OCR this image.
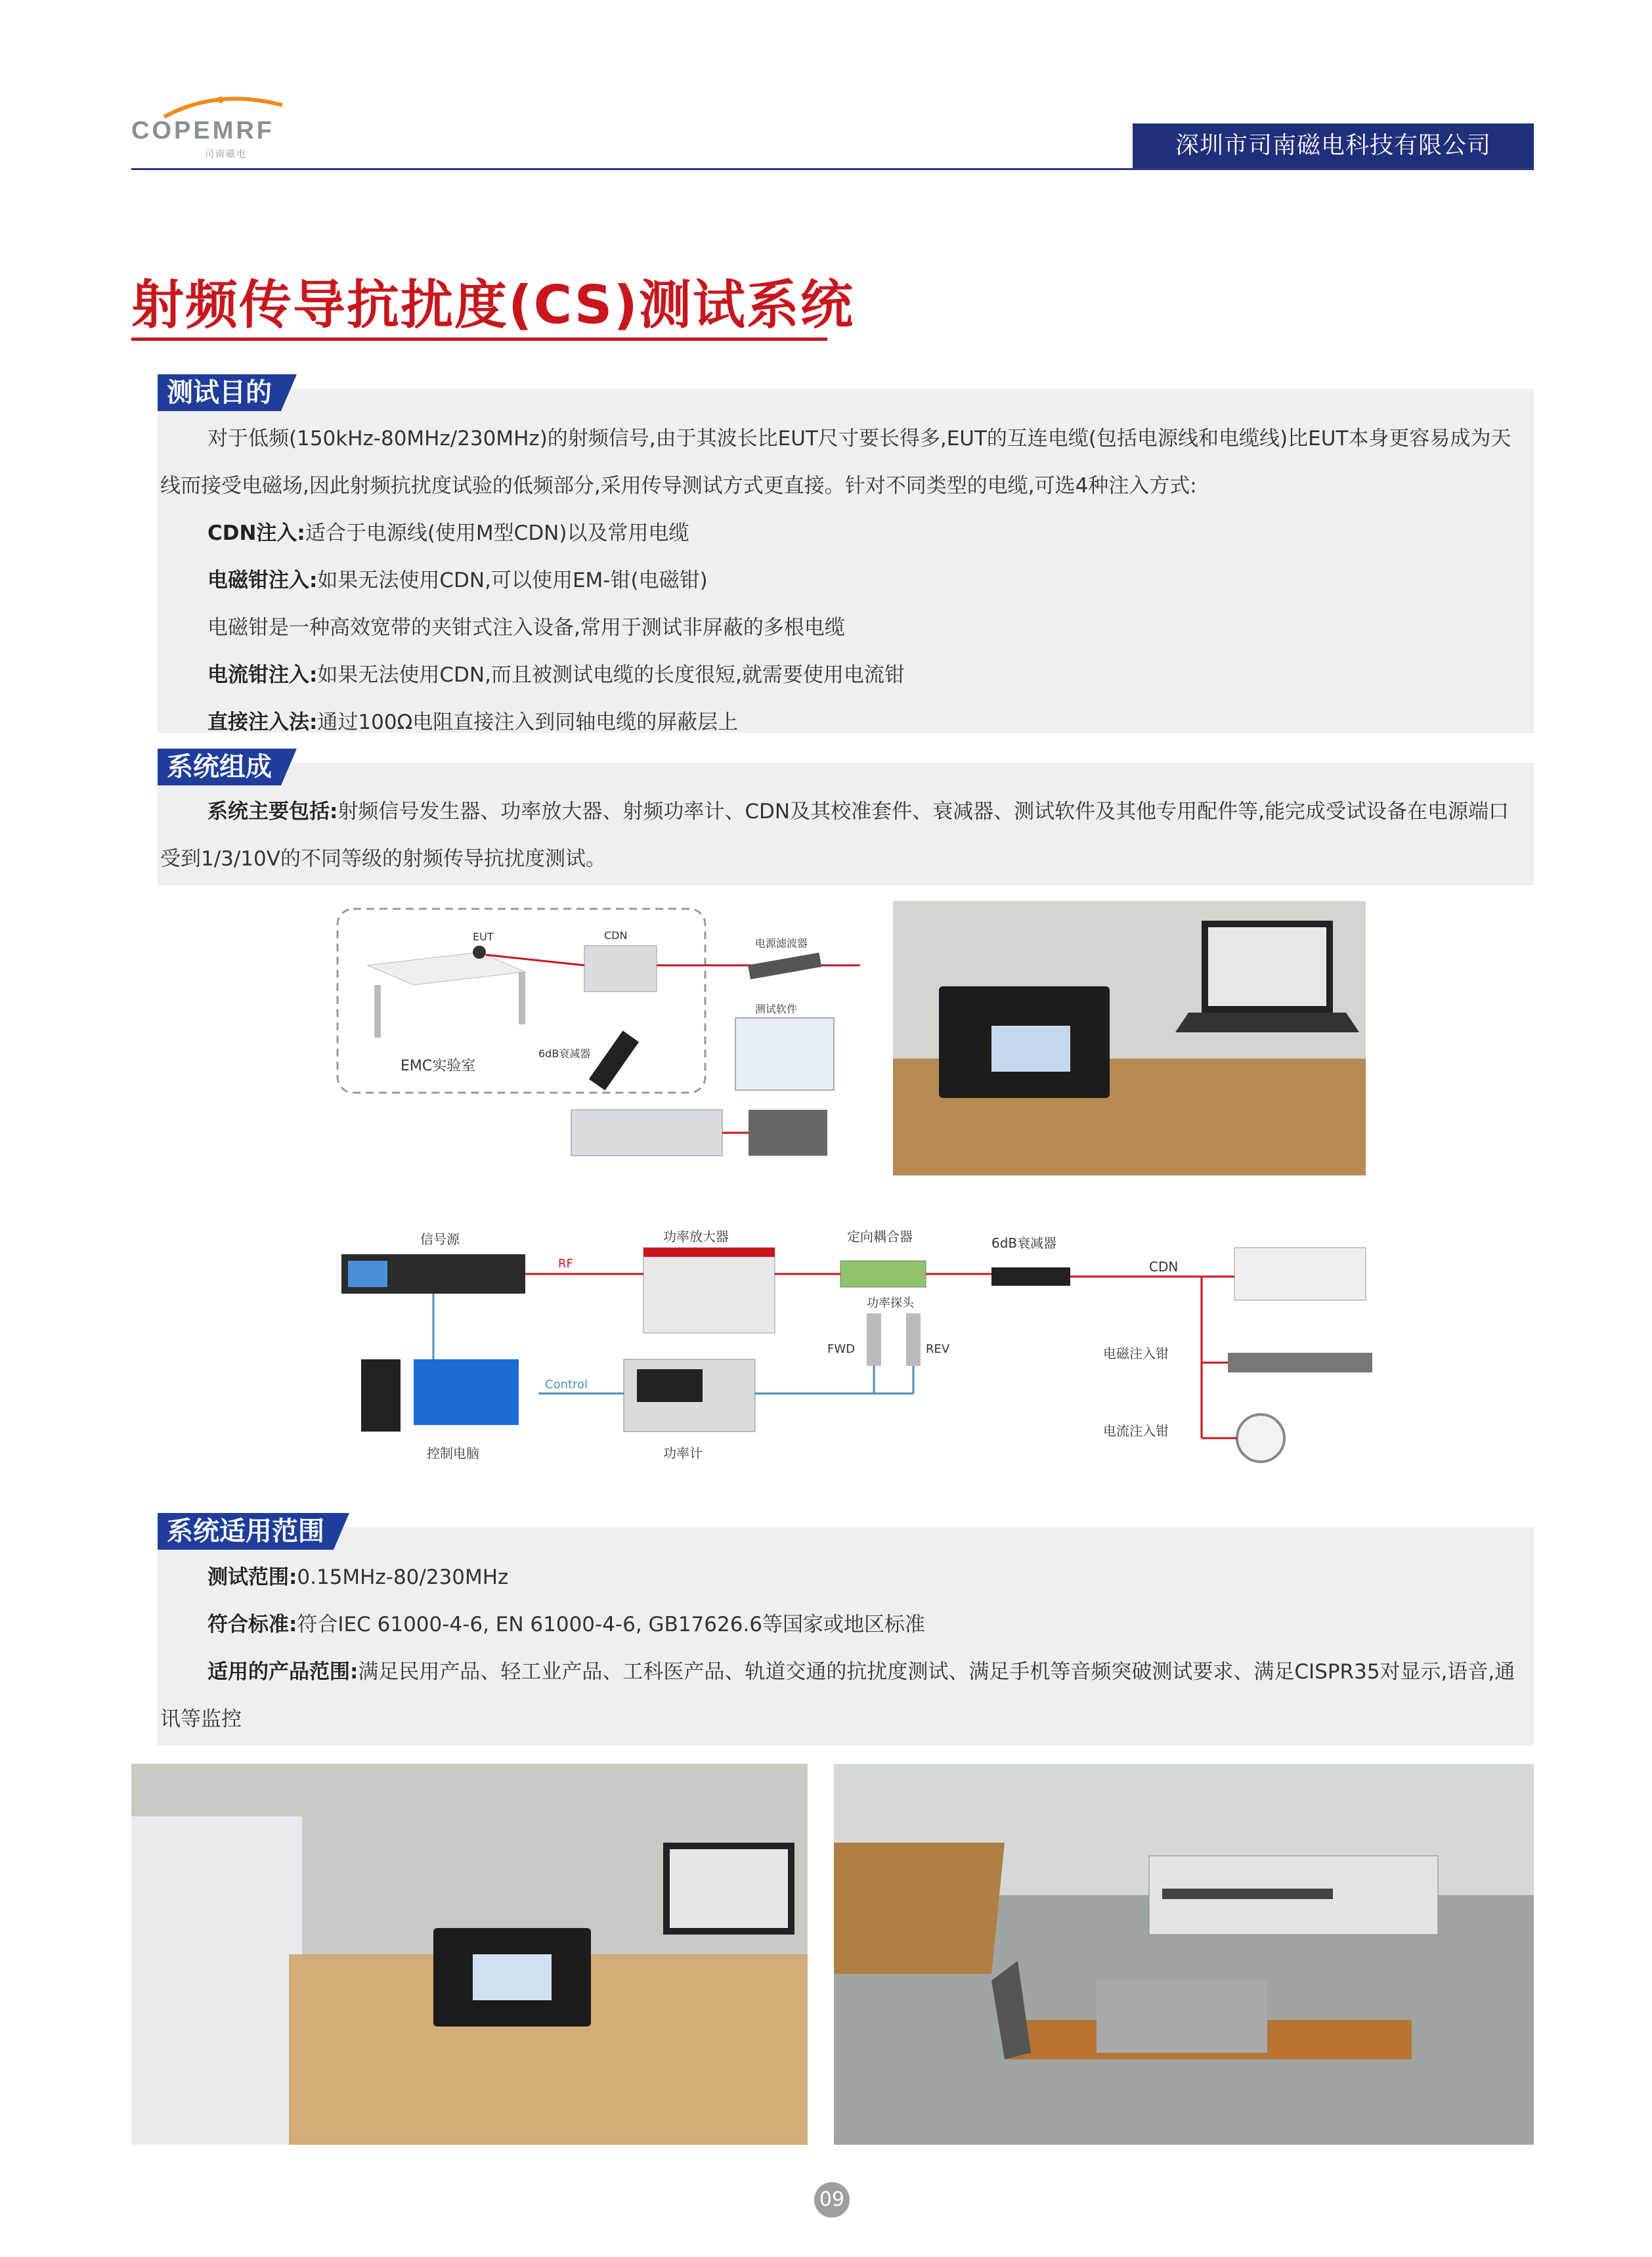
COPEMRF
司南磁电	深圳市司南磁电科技有限公司
射频传导抗扰度(CS)测试系统
测试目的
对于低频(150kHz-80MHz/230MHz)的射频信号,由于其波长比EUT尺寸要长得多,EUT的互连电缆(包括电源线和电缆线)比EUT本身更容易成为天线而接受电磁场,因此射频抗扰度试验的低频部分,采用传导测试方式更直接。针对不同类型的电缆,可选4种注入方式:
CDN注入:适合于电源线(使用M型CDN)以及常用电缆
电磁钳注入:如果无法使用CDN,可以使用EM-钳(电磁钳)
电磁钳是一种高效宽带的夹钳式注入设备,常用于测试非屏蔽的多根电缆
电流钳注入:如果无法使用CDN,而且被测试电缆的长度很短,就需要使用电流钳
直接注入法:通过100Ω电阻直接注入到同轴电缆的屏蔽层上
系统组成
系统主要包括:射频信号发生器、功率放大器、射频功率计、CDN及其校准套件、衰减器、测试软件及其他专用配件等,能完成受试设备在电源端口受到1/3/10V的不同等级的射频传导抗扰度测试。
EUT	CDN
电源滤波器
6dB衰减器
测试软件
EMC实验室
信号源
RF
功率放大器	定向耦合器	6dB衰减器
功率探头
FWD	REV
CDN
电磁注入钳
电流注入钳
Control
控制电脑	功率计
系统适用范围
测试范围:0.15MHz-80/230MHz
符合标准:符合IEC 61000-4-6, EN 61000-4-6, GB17626.6等国家或地区标准
适用的产品范围:满足民用产品、轻工业产品、工科医产品、轨道交通的抗扰度测试、满足手机等音频突破测试要求、满足CISPR35对显示,语音,通讯等监控
09
